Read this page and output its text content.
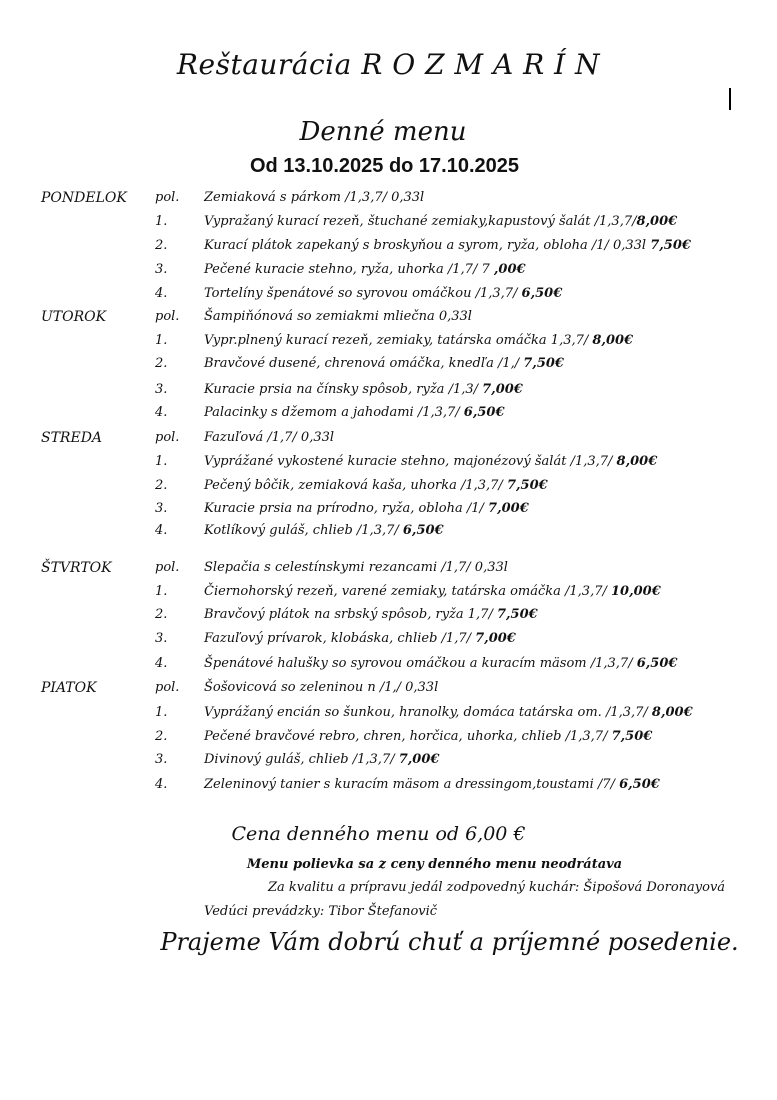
Reštaurácia R O Z M A R Í N
Denné menu
Od 13.10.2025 do 17.10.2025
PONDELOK pol. Zemiaková s párkom /1,3,7/ 0,33l
1.	Vypražaný kurací rezeň, štuchané zemiaky,kapustový šalát /1,3,7/8,00€
2.	Kurací plátok zapekaný s broskyňou a syrom, ryža, obloha /1/ 0,33l 7,50€
3.	Pečené kuracie stehno, ryža, uhorka /1,7/ 7 ,00€
4.	Tortelíny špenátové so syrovou omáčkou /1,3,7/ 6,50€
UTOROK	pol. Šampiňónová so zemiakmi mliečna 0,33l
1.	Vypr.plnený kurací rezeň, zemiaky, tatárska omáčka 1,3,7/ 8,00€
2.	Bravčové dusené, chrenová omáčka, knedľa /1,/ 7,50€
3.	Kuracie prsia na čínsky spôsob, ryža /1,3/ 7,00€
4.	Palacinky s džemom a jahodami /1,3,7/ 6,50€
STREDA	pol. Fazuľová /1,7/ 0,33l
1.	Vyprážané vykostené kuracie stehno, majonézový šalát /1,3,7/ 8,00€
2.	Pečený bôčik, zemiaková kaša, uhorka /1,3,7/ 7,50€
3.	Kuracie prsia na prírodno, ryža, obloha /1/ 7,00€
4.	Kotlíkový guláš, chlieb /1,3,7/ 6,50€
ŠTVRTOK	pol. Slepačia s celestínskymi rezancami /1,7/ 0,33l
1.	Čiernohorský rezeň, varené zemiaky, tatárska omáčka /1,3,7/ 10,00€
2.	Bravčový plátok na srbský spôsob, ryža 1,7/ 7,50€
3.	Fazuľový prívarok, klobáska, chlieb /1,7/ 7,00€
4.	Špenátové halušky so syrovou omáčkou a kuracím mäsom /1,3,7/ 6,50€
PIATOK	pol. Šošovicová so zeleninou n /1,/ 0,33l
1.	Vyprážaný encián so šunkou, hranolky, domáca tatárska om. /1,3,7/ 8,00€
2.	Pečené bravčové rebro, chren, horčica, uhorka, chlieb /1,3,7/ 7,50€
3.	Divinový guláš, chlieb /1,3,7/ 7,00€
4.	Zeleninový tanier s kuracím mäsom a dressingom,toustami /7/ 6,50€
Cena denného menu od 6,00 €
Menu polievka sa z ceny denného menu neodrátava
Za kvalitu a prípravu jedál zodpovedný kuchár: Šipošová Doronayová
Vedúci prevádzky: Tibor Štefanovič
Prajeme Vám dobrú chuť a príjemné posedenie.
